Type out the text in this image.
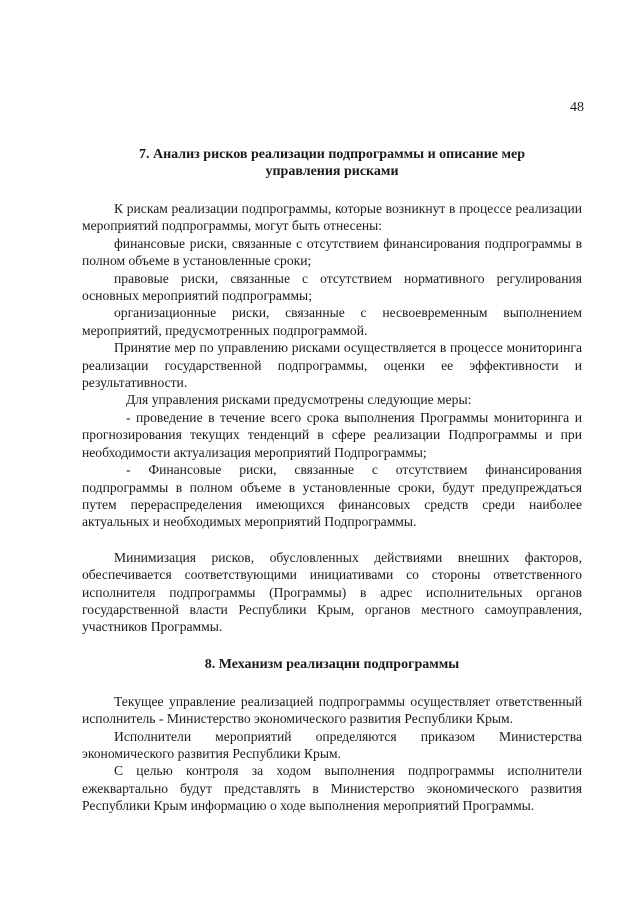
48
7. Анализ рисков реализации подпрограммы и описание мер
управления рисками

К рискам реализации подпрограммы, которые возникнут в процессе реализации мероприятий подпрограммы, могут быть отнесены:

финансовые риски, связанные с отсутствием финансирования подпрограммы в полном объеме в установленные сроки;

правовые риски, связанные с отсутствием нормативного регулирования основных мероприятий подпрограммы;

организационные риски, связанные с несвоевременным выполнением мероприятий, предусмотренных подпрограммой.

Принятие мер по управлению рисками осуществляется в процессе мониторинга реализации государственной подпрограммы, оценки ее эффективности и результативности.

Для управления рисками предусмотрены следующие меры:

- проведение в течение всего срока выполнения Программы мониторинга и прогнозирования текущих тенденций в сфере реализации Подпрограммы и при необходимости актуализация мероприятий Подпрограммы;

- Финансовые риски, связанные с отсутствием финансирования подпрограммы в полном объеме в установленные сроки, будут предупреждаться путем перераспределения имеющихся финансовых средств среди наиболее актуальных и необходимых мероприятий Подпрограммы.

Минимизация рисков, обусловленных действиями внешних факторов, обеспечивается соответствующими инициативами со стороны ответственного исполнителя подпрограммы (Программы) в адрес исполнительных органов государственной власти Республики Крым, органов местного самоуправления, участников Программы.

8. Механизм реализации подпрограммы

Текущее управление реализацией подпрограммы осуществляет ответственный исполнитель - Министерство экономического развития Республики Крым.

Исполнители мероприятий определяются приказом Министерства экономического развития Республики Крым.

С целью контроля за ходом выполнения подпрограммы исполнители ежеквартально будут представлять в Министерство экономического развития Республики Крым информацию о ходе выполнения мероприятий Программы.
